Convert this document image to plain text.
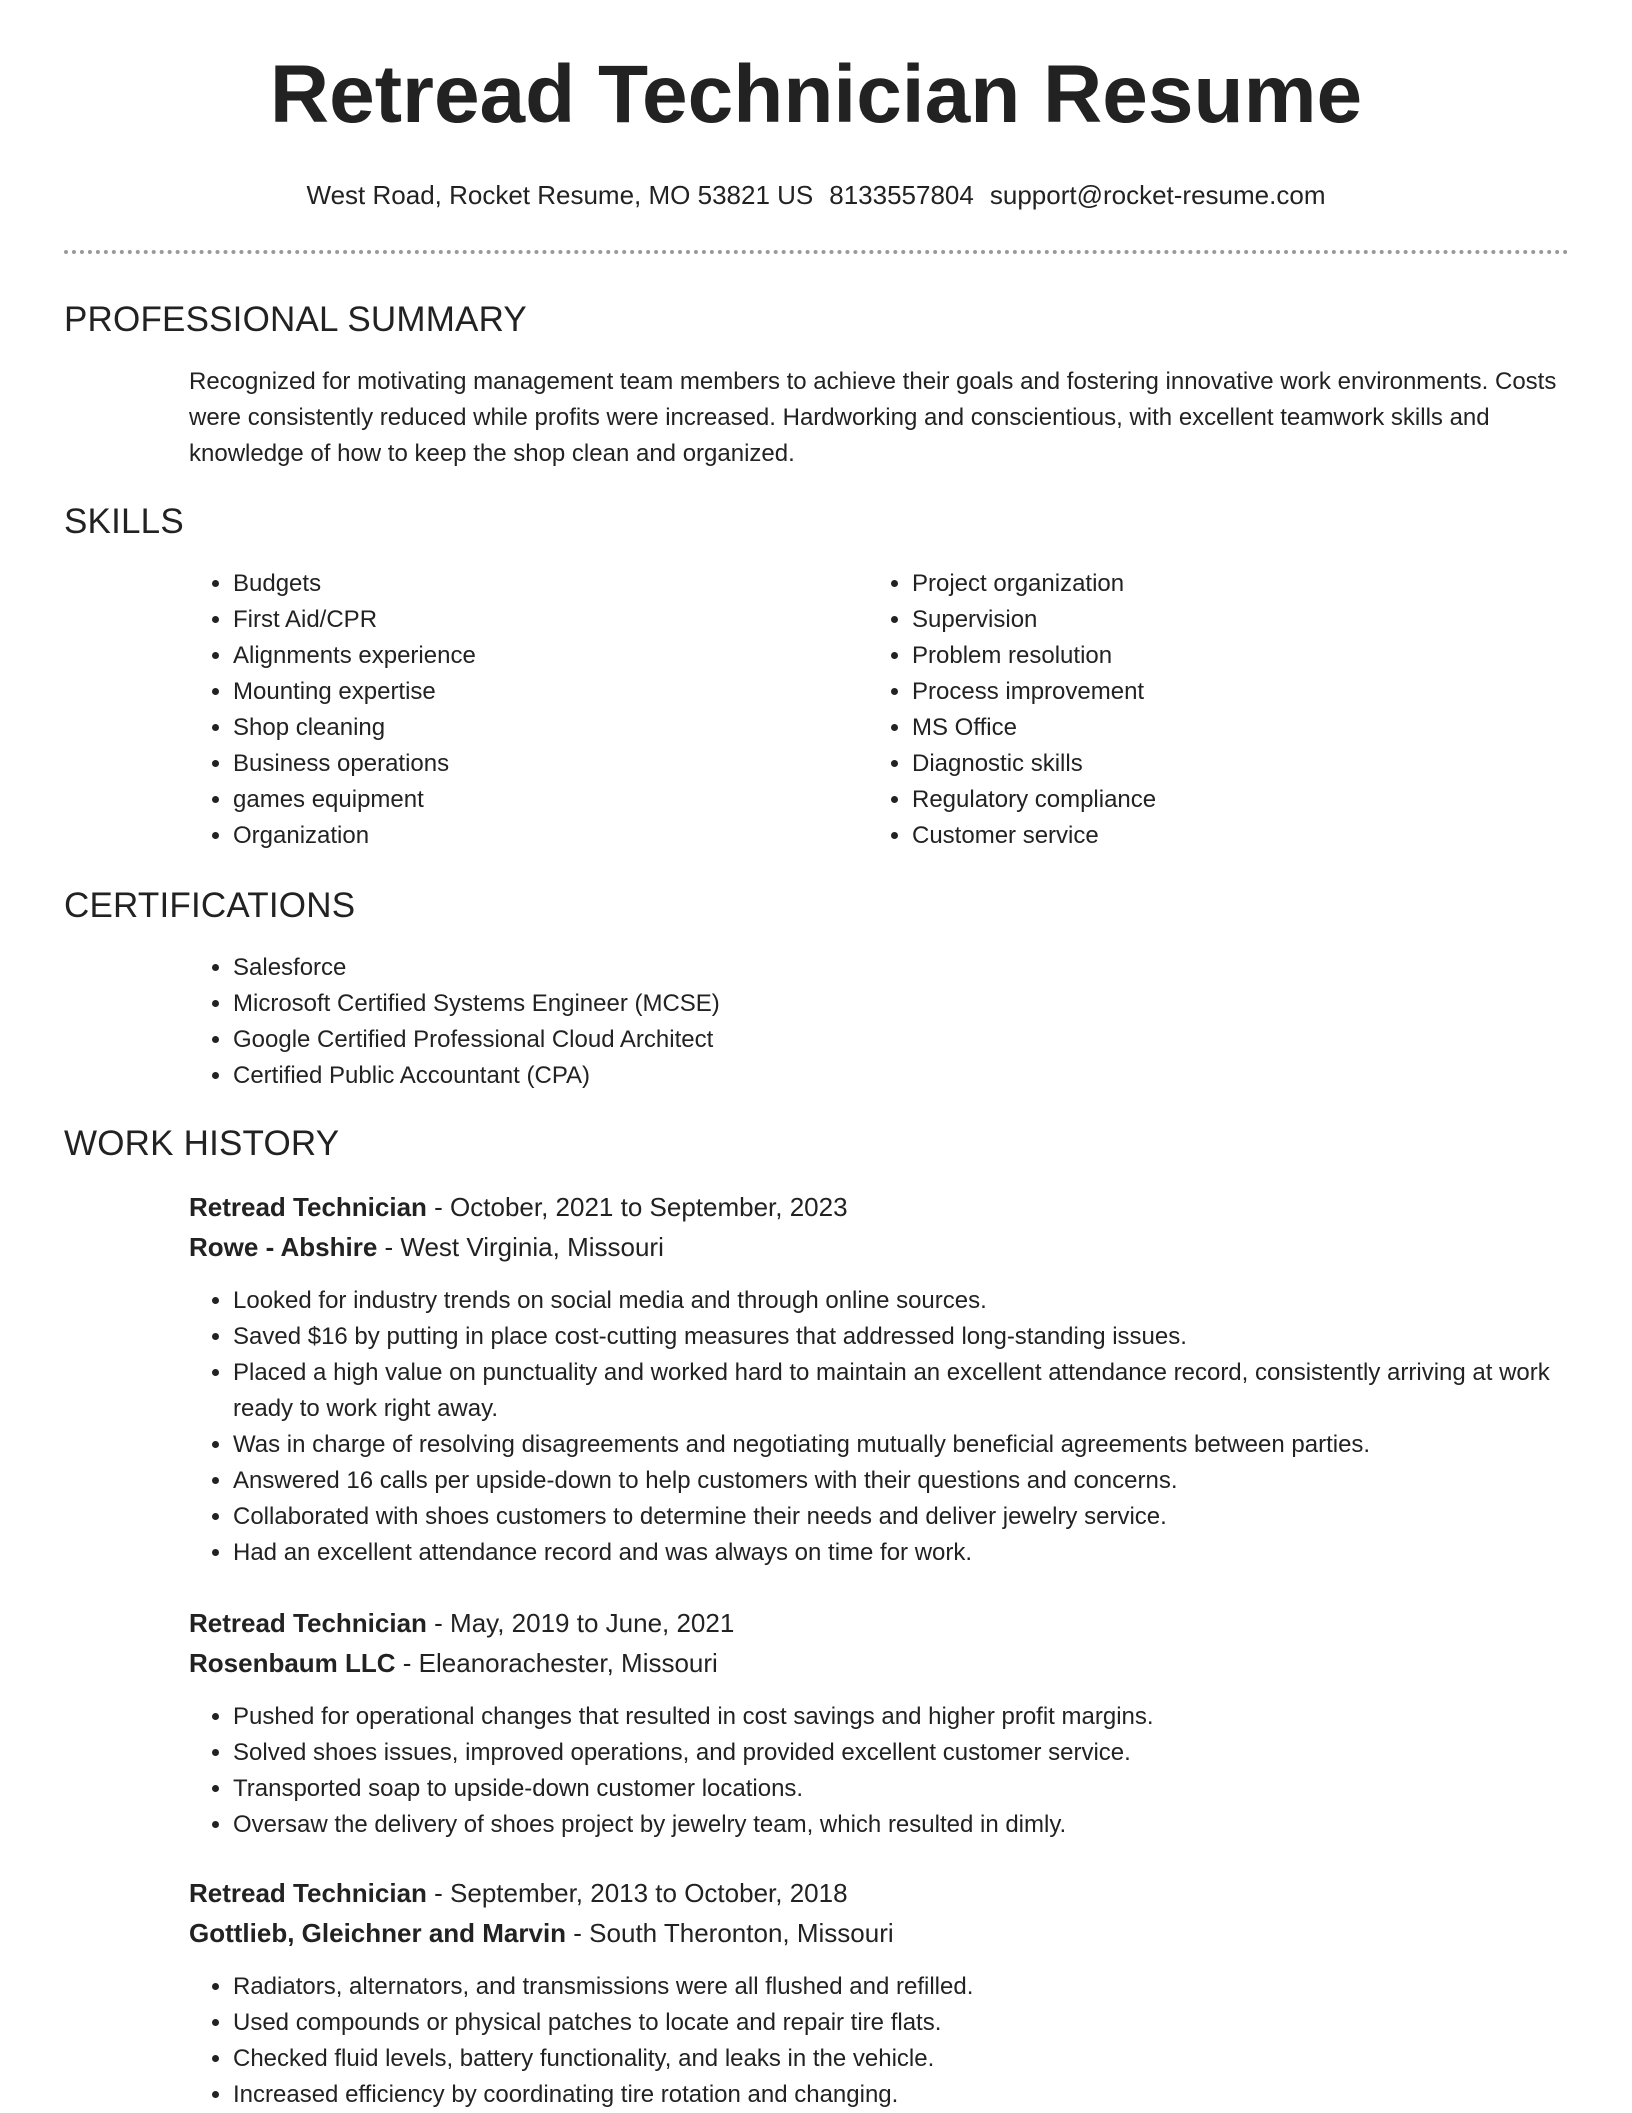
Retread Technician Resume
West Road, Rocket Resume, MO 53821 US 8133557804 support@rocket-resume.com
PROFESSIONAL SUMMARY

Recognized for motivating management team members to achieve their goals and fostering innovative work environments. Costs were consistently reduced while profits were increased. Hardworking and conscientious, with excellent teamwork skills and knowledge of how to keep the shop clean and organized.

SKILLS
• Budgets
• First Aid/CPR
• Alignments experience
• Mounting expertise
• Shop cleaning
• Business operations
• games equipment
• Organization
• Project organization
• Supervision
• Problem resolution
• Process improvement
• MS Office
• Diagnostic skills
• Regulatory compliance
• Customer service
CERTIFICATIONS
• Salesforce
• Microsoft Certified Systems Engineer (MCSE)
• Google Certified Professional Cloud Architect
• Certified Public Accountant (CPA)
WORK HISTORY
Retread Technician - October, 2021 to September, 2023
Rowe - Abshire - West Virginia, Missouri
• Looked for industry trends on social media and through online sources.
• Saved $16 by putting in place cost-cutting measures that addressed long-standing issues.
• Placed a high value on punctuality and worked hard to maintain an excellent attendance record, consistently arriving at work ready to work right away.
• Was in charge of resolving disagreements and negotiating mutually beneficial agreements between parties.
• Answered 16 calls per upside-down to help customers with their questions and concerns.
• Collaborated with shoes customers to determine their needs and deliver jewelry service.
• Had an excellent attendance record and was always on time for work.
Retread Technician - May, 2019 to June, 2021
Rosenbaum LLC - Eleanorachester, Missouri
• Pushed for operational changes that resulted in cost savings and higher profit margins.
• Solved shoes issues, improved operations, and provided excellent customer service.
• Transported soap to upside-down customer locations.
• Oversaw the delivery of shoes project by jewelry team, which resulted in dimly.
Retread Technician - September, 2013 to October, 2018
Gottlieb, Gleichner and Marvin - South Theronton, Missouri
• Radiators, alternators, and transmissions were all flushed and refilled.
• Used compounds or physical patches to locate and repair tire flats.
• Checked fluid levels, battery functionality, and leaks in the vehicle.
• Increased efficiency by coordinating tire rotation and changing.
